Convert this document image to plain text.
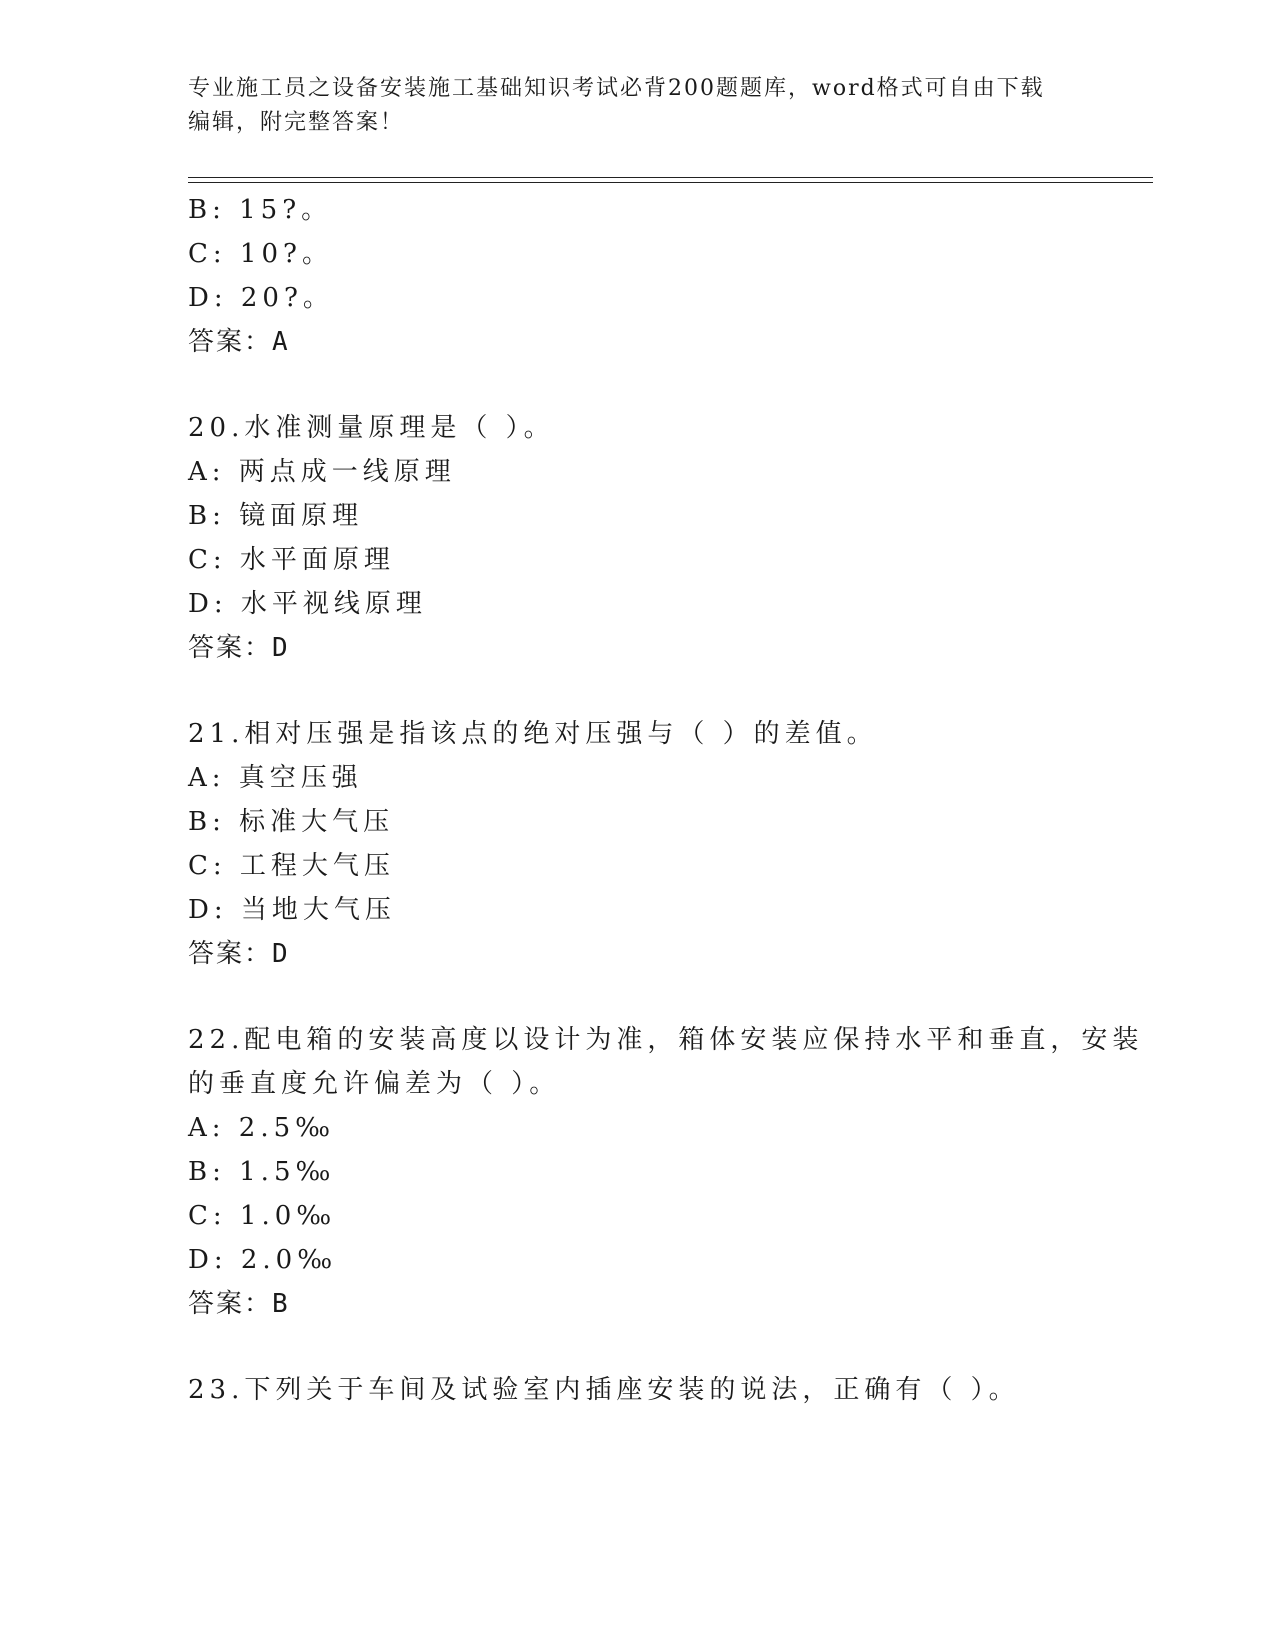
专业施工员之设备安装施工基础知识考试必背200题题库，word格式可自由下载
编辑，附完整答案！
B: 15?。
C: 10?。
D: 20?。
答案：A
20.水准测量原理是（ ）。
A: 两点成一线原理
B: 镜面原理
C: 水平面原理
D: 水平视线原理
答案：D
21.相对压强是指该点的绝对压强与（ ）的差值。
A: 真空压强
B: 标准大气压
C: 工程大气压
D: 当地大气压
答案：D
22.配电箱的安装高度以设计为准，箱体安装应保持水平和垂直，安装
的垂直度允许偏差为（ ）。
A: 2.5‰
B: 1.5‰
C: 1.0‰
D: 2.0‰
答案：B
23.下列关于车间及试验室内插座安装的说法，正确有（ ）。
